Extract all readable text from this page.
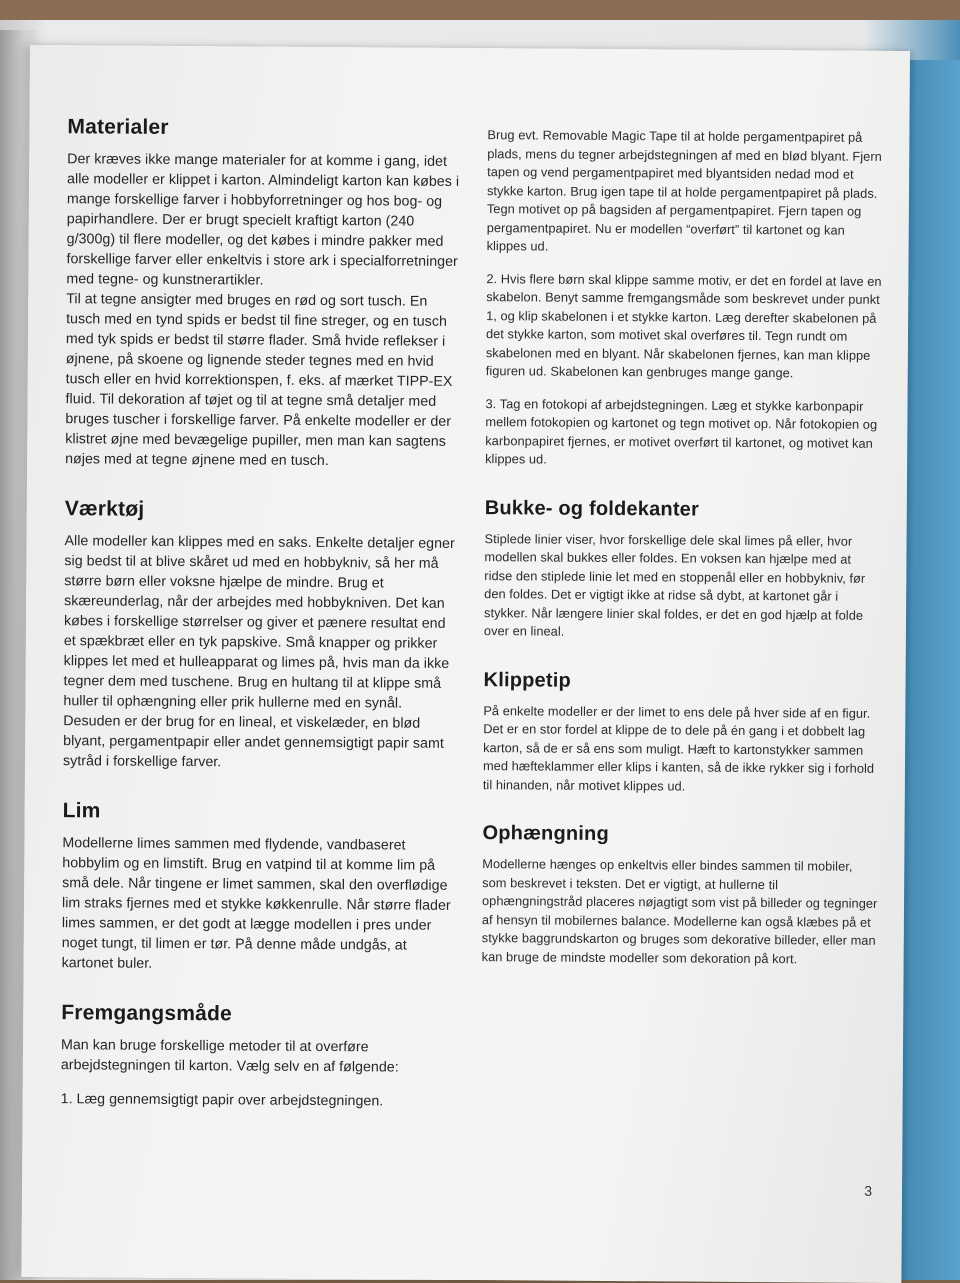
Materialer

Der kræves ikke mange materialer for at komme i gang, idet alle modeller er klippet i karton. Almindeligt karton kan købes i mange forskellige farver i hobbyforretninger og hos bog- og papirhandlere. Der er brugt specielt kraftigt karton (240 g/300g) til flere modeller, og det købes i mindre pakker med forskellige farver eller enkeltvis i store ark i specialforretninger med tegne- og kunstnerartikler.

Til at tegne ansigter med bruges en rød og sort tusch. En tusch med en tynd spids er bedst til fine streger, og en tusch med tyk spids er bedst til større flader. Små hvide reflekser i øjnene, på skoene og lignende steder tegnes med en hvid tusch eller en hvid korrektionspen, f. eks. af mærket TIPP-EX fluid. Til dekoration af tøjet og til at tegne små detaljer med bruges tuscher i forskellige farver. På enkelte modeller er der klistret øjne med bevægelige pupiller, men man kan sagtens nøjes med at tegne øjnene med en tusch.

Værktøj

Alle modeller kan klippes med en saks. Enkelte detaljer egner sig bedst til at blive skåret ud med en hobbykniv, så her må større børn eller voksne hjælpe de mindre. Brug et skæreunderlag, når der arbejdes med hobbykniven. Det kan købes i forskellige størrelser og giver et pænere resultat end et spækbræt eller en tyk papskive. Små knapper og prikker klippes let med et hulleapparat og limes på, hvis man da ikke tegner dem med tuschene. Brug en hultang til at klippe små huller til ophængning eller prik hullerne med en synål. Desuden er der brug for en lineal, et viskelæder, en blød blyant, pergamentpapir eller andet gennemsigtigt papir samt sytråd i forskellige farver.

Lim

Modellerne limes sammen med flydende, vandbaseret hobbylim og en limstift. Brug en vatpind til at komme lim på små dele. Når tingene er limet sammen, skal den overflødige lim straks fjernes med et stykke køkkenrulle. Når større flader limes sammen, er det godt at lægge modellen i pres under noget tungt, til limen er tør. På denne måde undgås, at kartonet buler.

Fremgangsmåde

Man kan bruge forskellige metoder til at overføre arbejdstegningen til karton. Vælg selv en af følgende:

1. Læg gennemsigtigt papir over arbejdstegningen.

Brug evt. Removable Magic Tape til at holde pergamentpapiret på plads, mens du tegner arbejdstegningen af med en blød blyant. Fjern tapen og vend pergamentpapiret med blyantsiden nedad mod et stykke karton. Brug igen tape til at holde pergamentpapiret på plads.

Tegn motivet op på bagsiden af pergamentpapiret. Fjern tapen og pergamentpapiret. Nu er modellen “overført” til kartonet og kan klippes ud.

2. Hvis flere børn skal klippe samme motiv, er det en fordel at lave en skabelon. Benyt samme fremgangsmåde som beskrevet under punkt 1, og klip skabelonen i et stykke karton. Læg derefter skabelonen på det stykke karton, som motivet skal overføres til. Tegn rundt om skabelonen med en blyant. Når skabelonen fjernes, kan man klippe figuren ud. Skabelonen kan genbruges mange gange.

3. Tag en fotokopi af arbejdstegningen. Læg et stykke karbonpapir mellem fotokopien og kartonet og tegn motivet op. Når fotokopien og karbonpapiret fjernes, er motivet overført til kartonet, og motivet kan klippes ud.

Bukke- og foldekanter

Stiplede linier viser, hvor forskellige dele skal limes på eller, hvor modellen skal bukkes eller foldes. En voksen kan hjælpe med at ridse den stiplede linie let med en stoppenål eller en hobbykniv, før den foldes. Det er vigtigt ikke at ridse så dybt, at kartonet går i stykker. Når længere linier skal foldes, er det en god hjælp at folde over en lineal.

Klippetip

På enkelte modeller er der limet to ens dele på hver side af en figur. Det er en stor fordel at klippe de to dele på én gang i et dobbelt lag karton, så de er så ens som muligt. Hæft to kartonstykker sammen med hæfteklammer eller klips i kanten, så de ikke rykker sig i forhold til hinanden, når motivet klippes ud.

Ophængning

Modellerne hænges op enkeltvis eller bindes sammen til mobiler, som beskrevet i teksten. Det er vigtigt, at hullerne til ophængningstråd placeres nøjagtigt som vist på billeder og tegninger af hensyn til mobilernes balance. Modellerne kan også klæbes på et stykke baggrundskarton og bruges som dekorative billeder, eller man kan bruge de mindste modeller som dekoration på kort.

3
